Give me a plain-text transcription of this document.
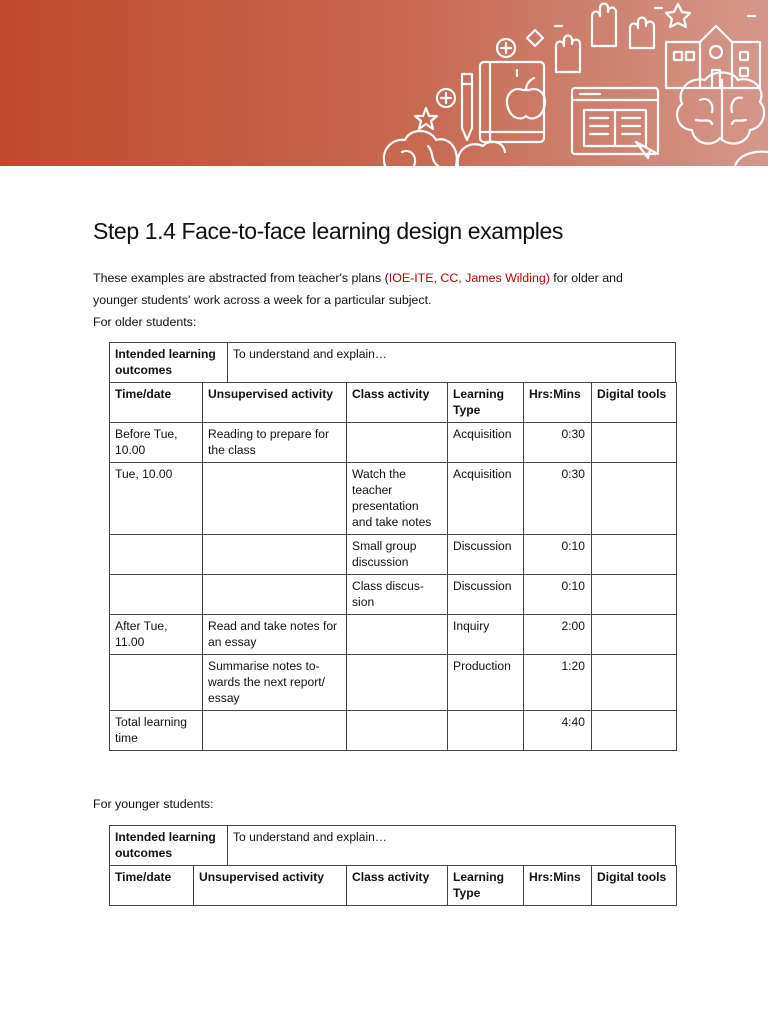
Step 1.4 Face-to-face learning design examples

These examples are abstracted from teacher's plans (IOE-ITE, CC, James Wilding) for older and
younger students' work across a week for a particular subject.
For older students:

Intended learning outcomes	To understand and explain…
Time/date	Unsupervised activity	Class activity	Learning Type	Hrs:Mins	Digital tools
Before Tue, 10.00	Reading to prepare for the class		Acquisition	0:30	
Tue, 10.00		Watch the teacher presentation and take notes	Acquisition	0:30	
		Small group discussion	Discussion	0:10	
		Class discus-sion	Discussion	0:10	
After Tue, 11.00	Read and take notes for an essay		Inquiry	2:00	
	Summarise notes to-wards the next report/ essay		Production	1:20	
Total learning time				4:40	
For younger students:
Intended learning outcomes	To understand and explain…
Time/date	Unsupervised activity	Class activity	Learning Type	Hrs:Mins	Digital tools
